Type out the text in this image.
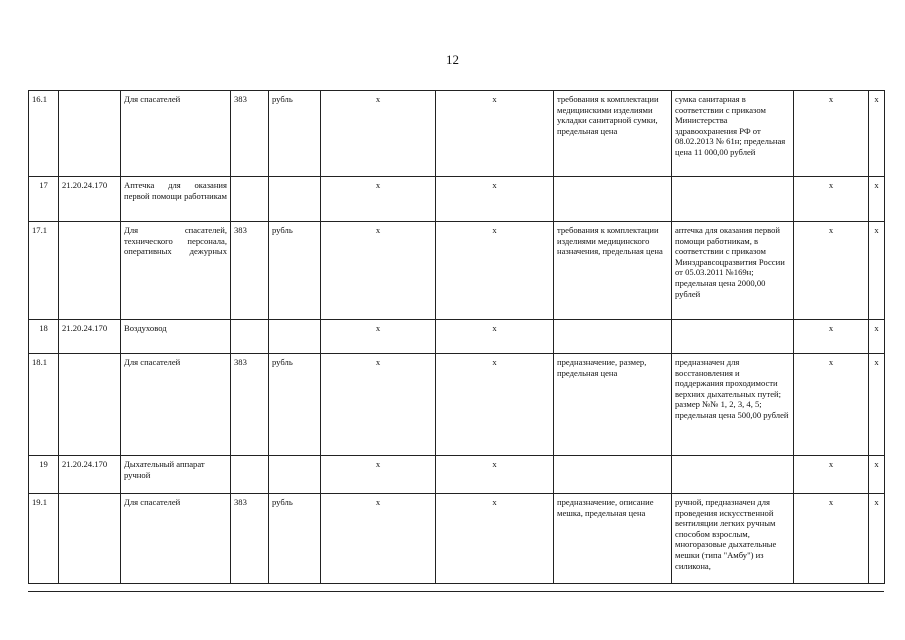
12
16.1		Для спасателей	383	рубль	x	x	требования к комплектации медицинскими изделиями укладки санитарной сумки, предельная цена	сумка санитарная в соответствии с приказом Министерства здравоохранения РФ от 08.02.2013 № 61н; предельная цена 11 000,00 рублей	x	x
17	21.20.24.170	Аптечка для оказания первой помощи работникам			x	x			x	x
17.1		Для спасателей, технического персонала, оперативных дежурных	383	рубль	x	x	требования к комплектации изделиями медицинского назначения, предельная цена	аптечка для оказания первой помощи работникам, в соответствии с приказом Минздравсоцразвития России от 05.03.2011 №169н; предельная цена 2000,00 рублей	x	x
18	21.20.24.170	Воздуховод			x	x			x	x
18.1		Для спасателей	383	рубль	x	x	предназначение, размер, предельная цена	предназначен для восстановления и поддержания проходимости верхних дыхательных путей; размер №№ 1, 2, 3, 4, 5; предельная цена 500,00 рублей	x	x
19	21.20.24.170	Дыхательный аппарат ручной			x	x			x	x
19.1		Для спасателей	383	рубль	x	x	предназначение, описание мешка, предельная цена	ручной, предназначен для проведения искусственной вентиляции легких ручным способом взрослым, многоразовые дыхательные мешки (типа "Амбу") из силикона,	x	x
